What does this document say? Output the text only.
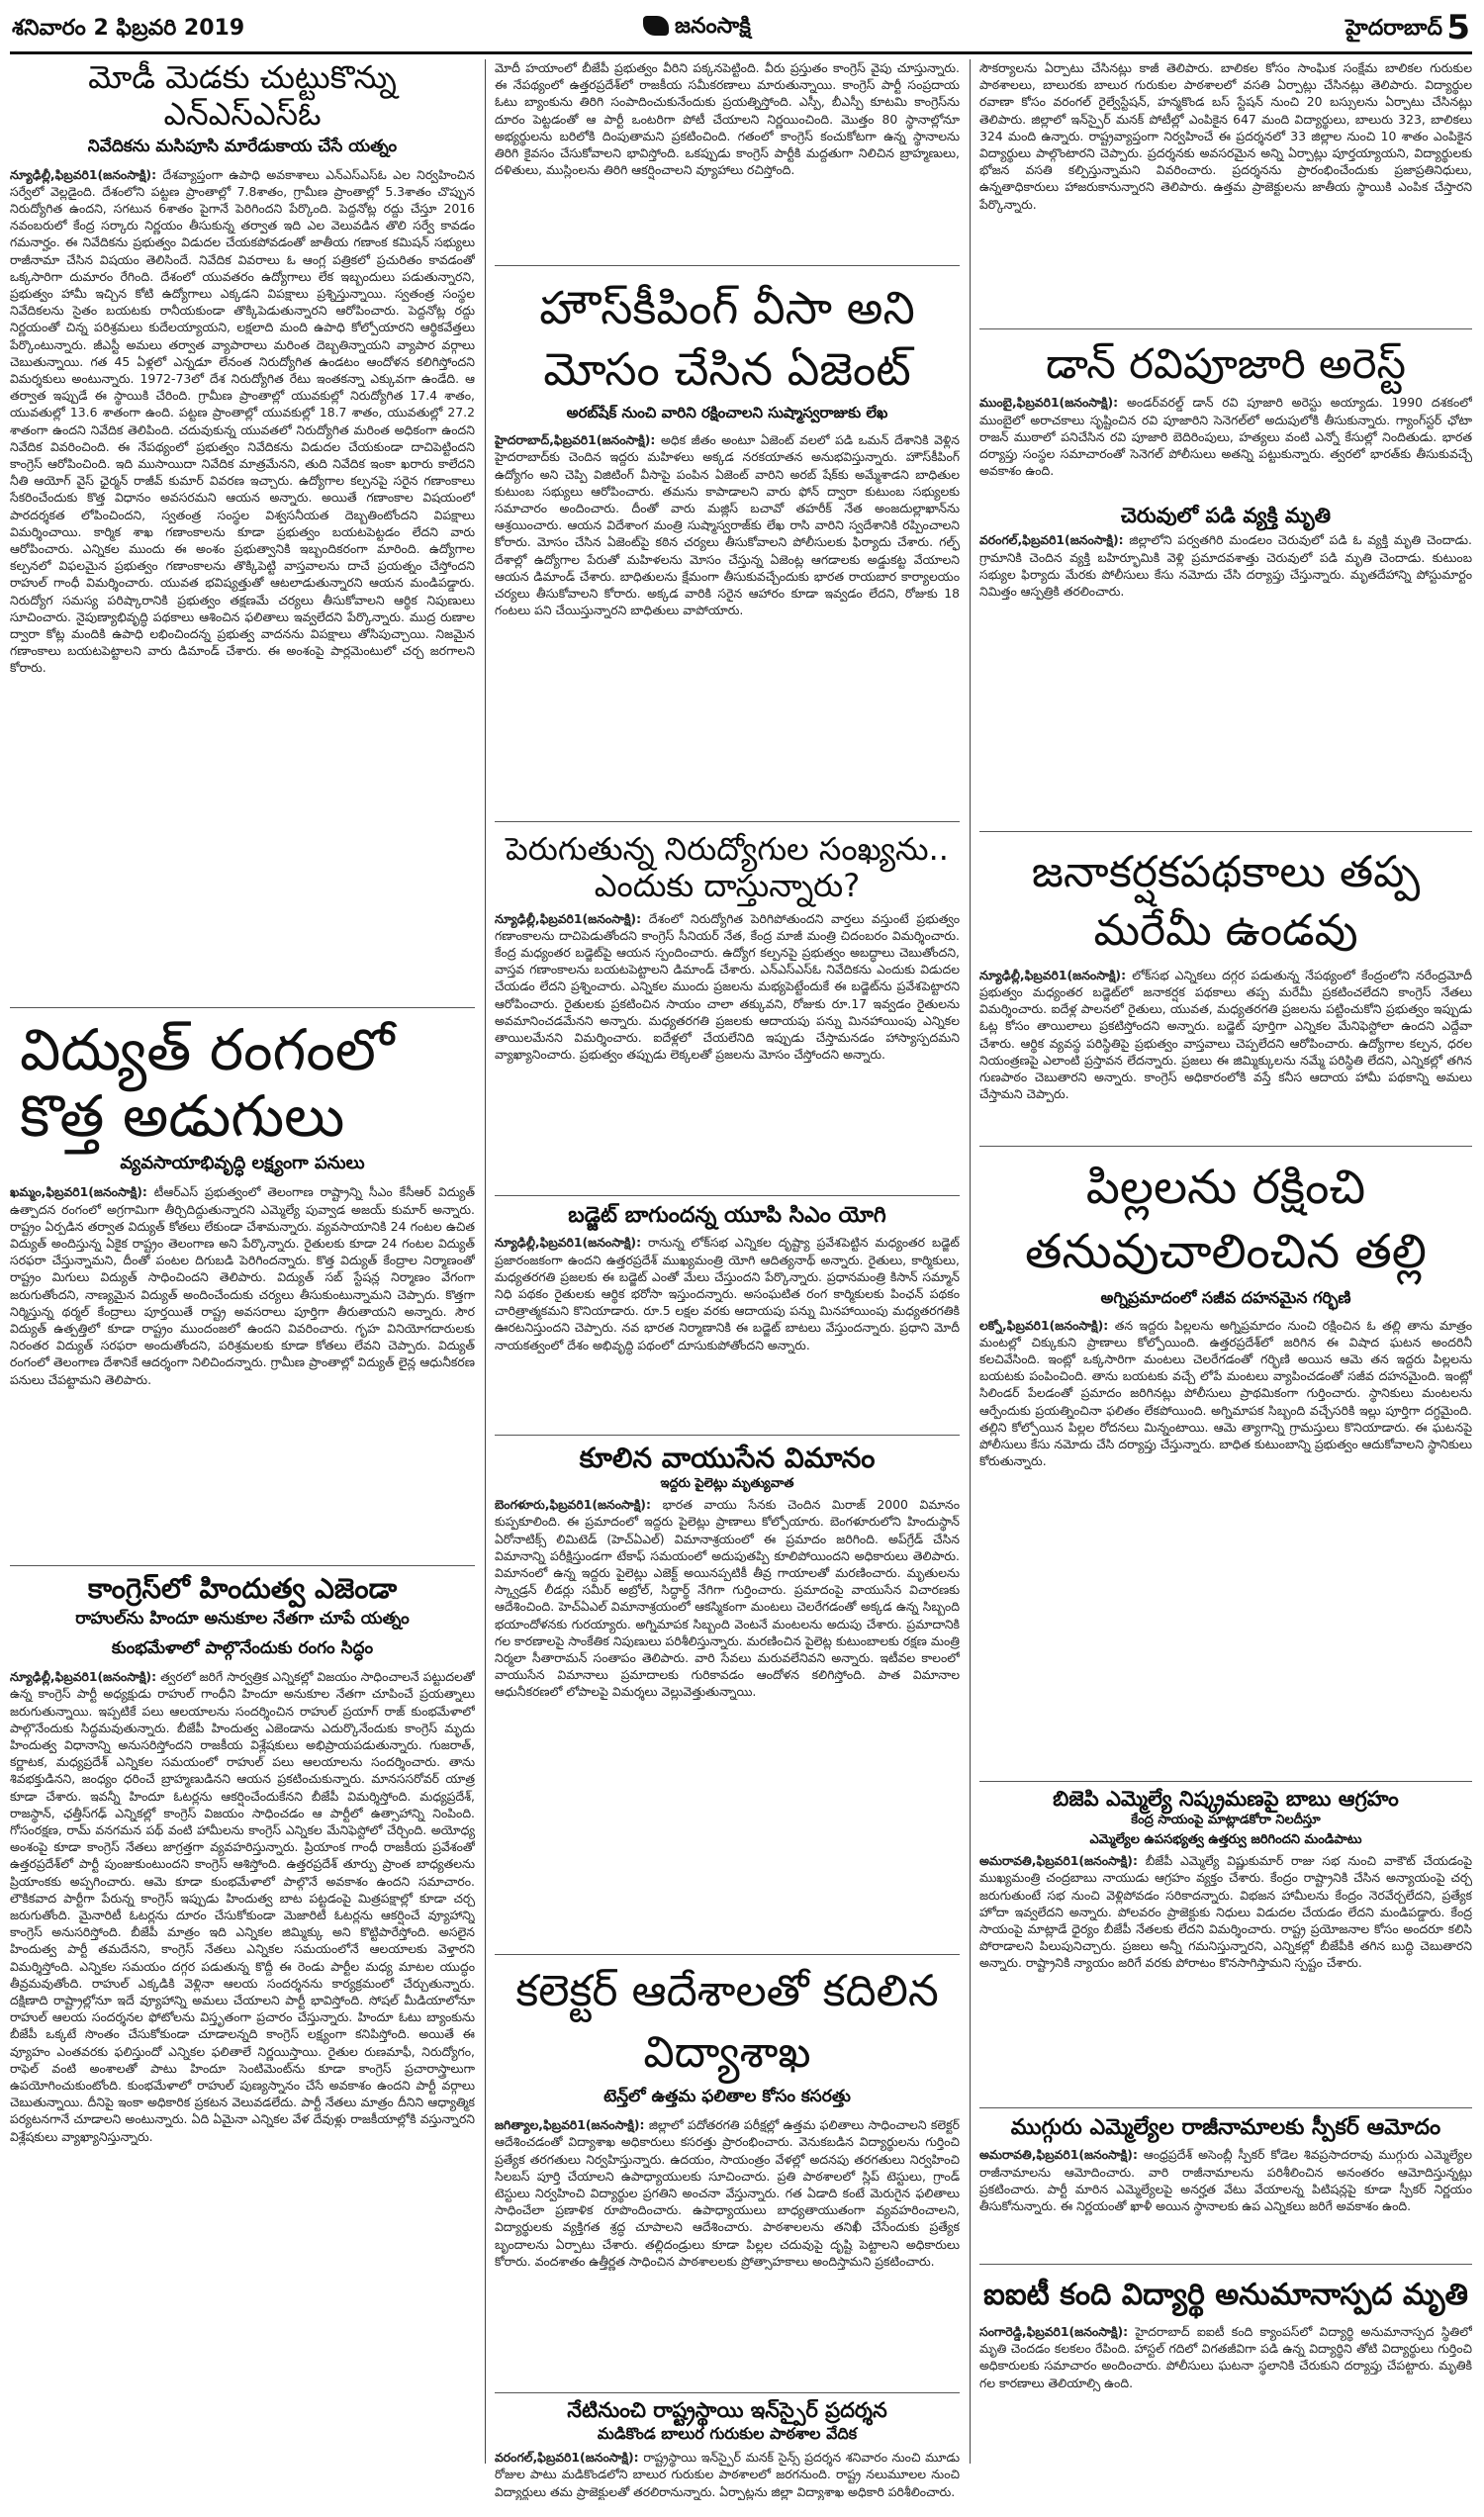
శనివారం 2 ఫిబ్రవరి 2019	జనంసాక్షి	హైదరాబాద్ 5
మోడీ మెడకు చుట్టుకొన్ను ఎన్ఎస్ఎస్ఓ
నివేదికను మసిపూసి మారేడుకాయ చేసే యత్నం

న్యూఢిల్లీ,ఫిబ్రవరి1(జనంసాక్షి): దేశవ్యాప్తంగా ఉపాధి అవకాశాలు ఎన్ఎస్ఎస్ఓ ఎల నిర్వహించిన సర్వేలో వెల్లడైంది. దేశంలోని పట్టణ ప్రాంతాల్లో 7.8శాతం, గ్రామీణ ప్రాంతాల్లో 5.3శాతం చొప్పున నిరుద్యోగిత ఉందని, సగటున 6శాతం పైగానే పెరిగిందని పేర్కొంది. పెద్దనోట్ల రద్దు చేస్తూ 2016 నవంబరులో కేంద్ర సర్కారు నిర్ణయం తీసుకున్న తర్వాత ఇది ఎల వెలువడిన తొలి సర్వే కావడం గమనార్హం. ఈ నివేదికను ప్రభుత్వం విడుదల చేయకపోవడంతో జాతీయ గణాంక కమిషన్ సభ్యులు రాజీనామా చేసిన విషయం తెలిసిందే. నివేదిక వివరాలు ఓ ఆంగ్ల పత్రికలో ప్రచురితం కావడంతో ఒక్కసారిగా దుమారం రేగింది. దేశంలో యువతరం ఉద్యోగాలు లేక ఇబ్బందులు పడుతున్నారని, ప్రభుత్వం హామీ ఇచ్చిన కోటి ఉద్యోగాలు ఎక్కడని విపక్షాలు ప్రశ్నిస్తున్నాయి. స్వతంత్ర సంస్థల నివేదికలను సైతం బయటకు రానీయకుండా తొక్కిపెడుతున్నారని ఆరోపించారు. పెద్దనోట్ల రద్దు నిర్ణయంతో చిన్న పరిశ్రమలు కుదేలయ్యాయని, లక్షలాది మంది ఉపాధి కోల్పోయారని ఆర్థికవేత్తలు పేర్కొంటున్నారు. జీఎస్టీ అమలు తర్వాత వ్యాపారాలు మరింత దెబ్బతిన్నాయని వ్యాపార వర్గాలు చెబుతున్నాయి. గత 45 ఏళ్లలో ఎన్నడూ లేనంత నిరుద్యోగిత ఉండటం ఆందోళన కలిగిస్తోందని విమర్శకులు అంటున్నారు. 1972-73లో దేశ నిరుద్యోగిత రేటు ఇంతకన్నా ఎక్కువగా ఉండేది. ఆ తర్వాత ఇప్పుడే ఈ స్థాయికి చేరింది. గ్రామీణ ప్రాంతాల్లో యువకుల్లో నిరుద్యోగిత 17.4 శాతం, యువతుల్లో 13.6 శాతంగా ఉంది. పట్టణ ప్రాంతాల్లో యువకుల్లో 18.7 శాతం, యువతుల్లో 27.2 శాతంగా ఉందని నివేదిక తెలిపింది. చదువుకున్న యువతలో నిరుద్యోగిత మరింత అధికంగా ఉందని నివేదిక వివరించింది. ఈ నేపథ్యంలో ప్రభుత్వం నివేదికను విడుదల చేయకుండా దాచిపెట్టిందని కాంగ్రెస్ ఆరోపించింది. ఇది ముసాయిదా నివేదిక మాత్రమేనని, తుది నివేదిక ఇంకా ఖరారు కాలేదని నీతి ఆయోగ్ వైస్ ఛైర్మన్ రాజీవ్ కుమార్ వివరణ ఇచ్చారు. ఉద్యోగాల కల్పనపై సరైన గణాంకాలు సేకరించేందుకు కొత్త విధానం అవసరమని ఆయన అన్నారు. అయితే గణాంకాల విషయంలో పారదర్శకత లోపించిందని, స్వతంత్ర సంస్థల విశ్వసనీయత దెబ్బతింటోందని విపక్షాలు విమర్శించాయి. కార్మిక శాఖ గణాంకాలను కూడా ప్రభుత్వం బయటపెట్టడం లేదని వారు ఆరోపించారు. ఎన్నికల ముందు ఈ అంశం ప్రభుత్వానికి ఇబ్బందికరంగా మారింది. ఉద్యోగాల కల్పనలో విఫలమైన ప్రభుత్వం గణాంకాలను తొక్కిపెట్టి వాస్తవాలను దాచే ప్రయత్నం చేస్తోందని రాహుల్ గాంధీ విమర్శించారు. యువత భవిష్యత్తుతో ఆటలాడుతున్నారని ఆయన మండిపడ్డారు. నిరుద్యోగ సమస్య పరిష్కారానికి ప్రభుత్వం తక్షణమే చర్యలు తీసుకోవాలని ఆర్థిక నిపుణులు సూచించారు. నైపుణ్యాభివృద్ధి పథకాలు ఆశించిన ఫలితాలు ఇవ్వలేదని పేర్కొన్నారు. ముద్ర రుణాల ద్వారా కోట్ల మందికి ఉపాధి లభించిందన్న ప్రభుత్వ వాదనను విపక్షాలు తోసిపుచ్చాయి. నిజమైన గణాంకాలు బయటపెట్టాలని వారు డిమాండ్ చేశారు. ఈ అంశంపై పార్లమెంటులో చర్చ జరగాలని కోరారు.

విద్యుత్ రంగంలో కొత్త అడుగులు
వ్యవసాయాభివృద్ధి లక్ష్యంగా పనులు

ఖమ్మం,ఫిబ్రవరి1(జనంసాక్షి): టీఆర్ఎస్ ప్రభుత్వంలో తెలంగాణ రాష్ట్రాన్ని సీఎం కేసీఆర్ విద్యుత్ ఉత్పాదన రంగంలో అగ్రగామిగా తీర్చిదిద్దుతున్నారని ఎమ్మెల్యే పువ్వాడ అజయ్ కుమార్ అన్నారు. రాష్ట్రం ఏర్పడిన తర్వాత విద్యుత్ కోతలు లేకుండా చేశామన్నారు. వ్యవసాయానికి 24 గంటల ఉచిత విద్యుత్ అందిస్తున్న ఏకైక రాష్ట్రం తెలంగాణ అని పేర్కొన్నారు. రైతులకు కూడా 24 గంటల విద్యుత్ సరఫరా చేస్తున్నామని, దీంతో పంటల దిగుబడి పెరిగిందన్నారు. కొత్త విద్యుత్ కేంద్రాల నిర్మాణంతో రాష్ట్రం మిగులు విద్యుత్ సాధించిందని తెలిపారు. విద్యుత్ సబ్ స్టేషన్ల నిర్మాణం వేగంగా జరుగుతోందని, నాణ్యమైన విద్యుత్ అందించేందుకు చర్యలు తీసుకుంటున్నామని చెప్పారు. కొత్తగా నిర్మిస్తున్న థర్మల్ కేంద్రాలు పూర్తయితే రాష్ట్ర అవసరాలు పూర్తిగా తీరుతాయని అన్నారు. సౌర విద్యుత్ ఉత్పత్తిలో కూడా రాష్ట్రం ముందంజలో ఉందని వివరించారు. గృహ వినియోగదారులకు నిరంతర విద్యుత్ సరఫరా అందుతోందని, పరిశ్రమలకు కూడా కోతలు లేవని చెప్పారు. విద్యుత్ రంగంలో తెలంగాణ దేశానికే ఆదర్శంగా నిలిచిందన్నారు. గ్రామీణ ప్రాంతాల్లో విద్యుత్ లైన్ల ఆధునీకరణ పనులు చేపట్టామని తెలిపారు.

కాంగ్రెస్‌లో హిందుత్వ ఎజెండా
రాహుల్‌ను హిందూ అనుకూల నేతగా చూపే యత్నం
కుంభమేళాలో పాల్గొనేందుకు రంగం సిద్ధం

న్యూఢిల్లీ,ఫిబ్రవరి1(జనంసాక్షి): త్వరలో జరిగే సార్వత్రిక ఎన్నికల్లో విజయం సాధించాలనే పట్టుదలతో ఉన్న కాంగ్రెస్ పార్టీ అధ్యక్షుడు రాహుల్ గాంధీని హిందూ అనుకూల నేతగా చూపించే ప్రయత్నాలు జరుగుతున్నాయి. ఇప్పటికే పలు ఆలయాలను సందర్శించిన రాహుల్ ప్రయాగ్ రాజ్ కుంభమేళాలో పాల్గొనేందుకు సిద్ధమవుతున్నారు. బీజేపీ హిందుత్వ ఎజెండాను ఎదుర్కొనేందుకు కాంగ్రెస్ మృదు హిందుత్వ విధానాన్ని అనుసరిస్తోందని రాజకీయ విశ్లేషకులు అభిప్రాయపడుతున్నారు. గుజరాత్, కర్ణాటక, మధ్యప్రదేశ్ ఎన్నికల సమయంలో రాహుల్ పలు ఆలయాలను సందర్శించారు. తాను శివభక్తుడినని, జంధ్యం ధరించే బ్రాహ్మణుడినని ఆయన ప్రకటించుకున్నారు. మానససరోవర్ యాత్ర కూడా చేశారు. ఇవన్నీ హిందూ ఓటర్లను ఆకర్షించేందుకేనని బీజేపీ విమర్శిస్తోంది. మధ్యప్రదేశ్, రాజస్థాన్, ఛత్తీస్‌గఢ్ ఎన్నికల్లో కాంగ్రెస్ విజయం సాధించడం ఆ పార్టీలో ఉత్సాహాన్ని నింపింది. గోసంరక్షణ, రామ్ వనగమన పథ్ వంటి హామీలను కాంగ్రెస్ ఎన్నికల మేనిఫెస్టోలో చేర్చింది. అయోధ్య అంశంపై కూడా కాంగ్రెస్ నేతలు జాగ్రత్తగా వ్యవహరిస్తున్నారు. ప్రియాంక గాంధీ రాజకీయ ప్రవేశంతో ఉత్తరప్రదేశ్‌లో పార్టీ పుంజుకుంటుందని కాంగ్రెస్ ఆశిస్తోంది. ఉత్తరప్రదేశ్ తూర్పు ప్రాంత బాధ్యతలను ప్రియాంకకు అప్పగించారు. ఆమె కూడా కుంభమేళాలో పాల్గొనే అవకాశం ఉందని సమాచారం. లౌకికవాద పార్టీగా పేరున్న కాంగ్రెస్ ఇప్పుడు హిందుత్వ బాట పట్టడంపై మిత్రపక్షాల్లో కూడా చర్చ జరుగుతోంది. మైనారిటీ ఓటర్లను దూరం చేసుకోకుండా మెజారిటీ ఓటర్లను ఆకర్షించే వ్యూహాన్ని కాంగ్రెస్ అనుసరిస్తోంది. బీజేపీ మాత్రం ఇది ఎన్నికల జిమ్మిక్కు అని కొట్టిపారేస్తోంది. అసలైన హిందుత్వ పార్టీ తమదేనని, కాంగ్రెస్ నేతలు ఎన్నికల సమయంలోనే ఆలయాలకు వెళ్తారని విమర్శిస్తోంది. ఎన్నికల సమయం దగ్గర పడుతున్న కొద్దీ ఈ రెండు పార్టీల మధ్య మాటల యుద్ధం తీవ్రమవుతోంది. రాహుల్ ఎక్కడికి వెళ్లినా ఆలయ సందర్శనను కార్యక్రమంలో చేర్చుతున్నారు. దక్షిణాది రాష్ట్రాల్లోనూ ఇదే వ్యూహాన్ని అమలు చేయాలని పార్టీ భావిస్తోంది. సోషల్ మీడియాలోనూ రాహుల్ ఆలయ సందర్శనల ఫోటోలను విస్తృతంగా ప్రచారం చేస్తున్నారు. హిందూ ఓటు బ్యాంకును బీజేపీ ఒక్కటే సొంతం చేసుకోకుండా చూడాలన్నది కాంగ్రెస్ లక్ష్యంగా కనిపిస్తోంది. అయితే ఈ వ్యూహం ఎంతవరకు ఫలిస్తుందో ఎన్నికల ఫలితాలే నిర్ణయిస్తాయి. రైతుల రుణమాఫీ, నిరుద్యోగం, రాఫెల్ వంటి అంశాలతో పాటు హిందూ సెంటిమెంట్‌ను కూడా కాంగ్రెస్ ప్రచారాస్త్రాలుగా ఉపయోగించుకుంటోంది. కుంభమేళాలో రాహుల్ పుణ్యస్నానం చేసే అవకాశం ఉందని పార్టీ వర్గాలు చెబుతున్నాయి. దీనిపై ఇంకా అధికారిక ప్రకటన వెలువడలేదు. పార్టీ నేతలు మాత్రం దీనిని ఆధ్యాత్మిక పర్యటనగానే చూడాలని అంటున్నారు. ఏది ఏమైనా ఎన్నికల వేళ దేవుళ్లు రాజకీయాల్లోకి వస్తున్నారని విశ్లేషకులు వ్యాఖ్యానిస్తున్నారు.

మోదీ హయాంలో బీజేపీ ప్రభుత్వం వీరిని పక్కనపెట్టింది. వీరు ప్రస్తుతం కాంగ్రెస్ వైపు చూస్తున్నారు. ఈ నేపథ్యంలో ఉత్తరప్రదేశ్‌లో రాజకీయ సమీకరణాలు మారుతున్నాయి. కాంగ్రెస్ పార్టీ సంప్రదాయ ఓటు బ్యాంకును తిరిగి సంపాదించుకునేందుకు ప్రయత్నిస్తోంది. ఎస్పీ, బీఎస్పీ కూటమి కాంగ్రెస్‌ను దూరం పెట్టడంతో ఆ పార్టీ ఒంటరిగా పోటీ చేయాలని నిర్ణయించింది. మొత్తం 80 స్థానాల్లోనూ అభ్యర్థులను బరిలోకి దింపుతామని ప్రకటించింది. గతంలో కాంగ్రెస్ కంచుకోటగా ఉన్న స్థానాలను తిరిగి కైవసం చేసుకోవాలని భావిస్తోంది. ఒకప్పుడు కాంగ్రెస్ పార్టీకి మద్దతుగా నిలిచిన బ్రాహ్మణులు, దళితులు, ముస్లింలను తిరిగి ఆకర్షించాలని వ్యూహాలు రచిస్తోంది.

హౌస్‌కీపింగ్ వీసా అని మోసం చేసిన ఏజెంట్
అరబ్‌షేక్ నుంచి వారిని రక్షించాలని సుష్మాస్వరాజుకు లేఖ

హైదరాబాద్,ఫిబ్రవరి1(జనంసాక్షి): అధిక జీతం అంటూ ఏజెంట్ వలలో పడి ఒమన్ దేశానికి వెళ్లిన హైదరాబాద్‌కు చెందిన ఇద్దరు మహిళలు అక్కడ నరకయాతన అనుభవిస్తున్నారు. హౌస్‌కీపింగ్ ఉద్యోగం అని చెప్పి విజిటింగ్ వీసాపై పంపిన ఏజెంట్ వారిని అరబ్ షేక్‌కు అమ్మేశాడని బాధితుల కుటుంబ సభ్యులు ఆరోపించారు. తమను కాపాడాలని వారు ఫోన్ ద్వారా కుటుంబ సభ్యులకు సమాచారం అందించారు. దీంతో వారు మజ్లిస్ బచావో తహరీక్ నేత అంజదుల్లాఖాన్‌ను ఆశ్రయించారు. ఆయన విదేశాంగ మంత్రి సుష్మాస్వరాజ్‌కు లేఖ రాసి వారిని స్వదేశానికి రప్పించాలని కోరారు. మోసం చేసిన ఏజెంట్‌పై కఠిన చర్యలు తీసుకోవాలని పోలీసులకు ఫిర్యాదు చేశారు. గల్ఫ్ దేశాల్లో ఉద్యోగాల పేరుతో మహిళలను మోసం చేస్తున్న ఏజెంట్ల ఆగడాలకు అడ్డుకట్ట వేయాలని ఆయన డిమాండ్ చేశారు. బాధితులను క్షేమంగా తీసుకువచ్చేందుకు భారత రాయబార కార్యాలయం చర్యలు తీసుకోవాలని కోరారు. అక్కడ వారికి సరైన ఆహారం కూడా ఇవ్వడం లేదని, రోజుకు 18 గంటలు పని చేయిస్తున్నారని బాధితులు వాపోయారు.

పెరుగుతున్న నిరుద్యోగుల సంఖ్యను..
ఎందుకు దాస్తున్నారు?

న్యూఢిల్లీ,ఫిబ్రవరి1(జనంసాక్షి): దేశంలో నిరుద్యోగిత పెరిగిపోతుందని వార్తలు వస్తుంటే ప్రభుత్వం గణాంకాలను దాచిపెడుతోందని కాంగ్రెస్ సీనియర్ నేత, కేంద్ర మాజీ మంత్రి చిదంబరం విమర్శించారు. కేంద్ర మధ్యంతర బడ్జెట్‌పై ఆయన స్పందించారు. ఉద్యోగ కల్పనపై ప్రభుత్వం అబద్ధాలు చెబుతోందని, వాస్తవ గణాంకాలను బయటపెట్టాలని డిమాండ్ చేశారు. ఎన్ఎస్ఎస్ఓ నివేదికను ఎందుకు విడుదల చేయడం లేదని ప్రశ్నించారు. ఎన్నికల ముందు ప్రజలను మభ్యపెట్టేందుకే ఈ బడ్జెట్‌ను ప్రవేశపెట్టారని ఆరోపించారు. రైతులకు ప్రకటించిన సాయం చాలా తక్కువని, రోజుకు రూ.17 ఇవ్వడం రైతులను అవమానించడమేనని అన్నారు. మధ్యతరగతి ప్రజలకు ఆదాయపు పన్ను మినహాయింపు ఎన్నికల తాయిలమేనని విమర్శించారు. ఐదేళ్లలో చేయలేనిది ఇప్పుడు చేస్తామనడం హాస్యాస్పదమని వ్యాఖ్యానించారు. ప్రభుత్వం తప్పుడు లెక్కలతో ప్రజలను మోసం చేస్తోందని అన్నారు.

బడ్జెట్ బాగుందన్న యూపి సిఎం యోగి

న్యూఢిల్లీ,ఫిబ్రవరి1(జనంసాక్షి): రానున్న లోక్‌సభ ఎన్నికల దృష్ట్యా ప్రవేశపెట్టిన మధ్యంతర బడ్జెట్ ప్రజారంజకంగా ఉందని ఉత్తరప్రదేశ్ ముఖ్యమంత్రి యోగి ఆదిత్యనాథ్ అన్నారు. రైతులు, కార్మికులు, మధ్యతరగతి ప్రజలకు ఈ బడ్జెట్ ఎంతో మేలు చేస్తుందని పేర్కొన్నారు. ప్రధానమంత్రి కిసాన్ సమ్మాన్ నిధి పథకం రైతులకు ఆర్థిక భరోసా ఇస్తుందన్నారు. అసంఘటిత రంగ కార్మికులకు పింఛన్ పథకం చారిత్రాత్మకమని కొనియాడారు. రూ.5 లక్షల వరకు ఆదాయపు పన్ను మినహాయింపు మధ్యతరగతికి ఊరటనిస్తుందని చెప్పారు. నవ భారత నిర్మాణానికి ఈ బడ్జెట్ బాటలు వేస్తుందన్నారు. ప్రధాని మోదీ నాయకత్వంలో దేశం అభివృద్ధి పథంలో దూసుకుపోతోందని అన్నారు.

కూలిన వాయుసేన విమానం
ఇద్దరు పైలెట్లు మృత్యువాత

బెంగళూరు,ఫిబ్రవరి1(జనంసాక్షి): భారత వాయు సేనకు చెందిన మిరాజ్ 2000 విమానం కుప్పకూలింది. ఈ ప్రమాదంలో ఇద్దరు పైలెట్లు ప్రాణాలు కోల్పోయారు. బెంగళూరులోని హిందుస్థాన్ ఏరోనాటిక్స్ లిమిటెడ్ (హెచ్ఏఎల్) విమానాశ్రయంలో ఈ ప్రమాదం జరిగింది. అప్‌గ్రేడ్ చేసిన విమానాన్ని పరీక్షిస్తుండగా టేకాఫ్ సమయంలో అదుపుతప్పి కూలిపోయిందని అధికారులు తెలిపారు. విమానంలో ఉన్న ఇద్దరు పైలెట్లు ఎజెక్ట్ అయినప్పటికీ తీవ్ర గాయాలతో మరణించారు. మృతులను స్క్వాడ్రన్ లీడర్లు సమీర్ అబ్రోల్, సిద్ధార్థ్ నేగిగా గుర్తించారు. ప్రమాదంపై వాయుసేన విచారణకు ఆదేశించింది. హెచ్ఏఎల్ విమానాశ్రయంలో ఆకస్మికంగా మంటలు చెలరేగడంతో అక్కడ ఉన్న సిబ్బంది భయాందోళనకు గురయ్యారు. అగ్నిమాపక సిబ్బంది వెంటనే మంటలను అదుపు చేశారు. ప్రమాదానికి గల కారణాలపై సాంకేతిక నిపుణులు పరిశీలిస్తున్నారు. మరణించిన పైలెట్ల కుటుంబాలకు రక్షణ మంత్రి నిర్మలా సీతారామన్ సంతాపం తెలిపారు. వారి సేవలు మరువలేనివని అన్నారు. ఇటీవల కాలంలో వాయుసేన విమానాలు ప్రమాదాలకు గురికావడం ఆందోళన కలిగిస్తోంది. పాత విమానాల ఆధునీకరణలో లోపాలపై విమర్శలు వెల్లువెత్తుతున్నాయి.

కలెక్టర్ ఆదేశాలతో కదిలిన విద్యాశాఖ
టెన్త్‌లో ఉత్తమ ఫలితాల కోసం కసరత్తు

జగిత్యాల,ఫిబ్రవరి1(జనంసాక్షి): జిల్లాలో పదోతరగతి పరీక్షల్లో ఉత్తమ ఫలితాలు సాధించాలని కలెక్టర్ ఆదేశించడంతో విద్యాశాఖ అధికారులు కసరత్తు ప్రారంభించారు. వెనుకబడిన విద్యార్థులను గుర్తించి ప్రత్యేక తరగతులు నిర్వహిస్తున్నారు. ఉదయం, సాయంత్రం వేళల్లో అదనపు తరగతులు నిర్వహించి సిలబస్ పూర్తి చేయాలని ఉపాధ్యాయులకు సూచించారు. ప్రతి పాఠశాలలో స్లిప్ టెస్టులు, గ్రాండ్ టెస్టులు నిర్వహించి విద్యార్థుల ప్రగతిని అంచనా వేస్తున్నారు. గత ఏడాది కంటే మెరుగైన ఫలితాలు సాధించేలా ప్రణాళిక రూపొందించారు. ఉపాధ్యాయులు బాధ్యతాయుతంగా వ్యవహరించాలని, విద్యార్థులకు వ్యక్తిగత శ్రద్ధ చూపాలని ఆదేశించారు. పాఠశాలలను తనిఖీ చేసేందుకు ప్రత్యేక బృందాలను ఏర్పాటు చేశారు. తల్లిదండ్రులు కూడా పిల్లల చదువుపై దృష్టి పెట్టాలని అధికారులు కోరారు. వందశాతం ఉత్తీర్ణత సాధించిన పాఠశాలలకు ప్రోత్సాహకాలు అందిస్తామని ప్రకటించారు.

నేటినుంచి రాష్ట్రస్థాయి ఇన్‌స్పైర్ ప్రదర్శన
మడికొండ బాలుర గురుకుల పాఠశాల వేదిక

వరంగల్,ఫిబ్రవరి1(జనంసాక్షి): రాష్ట్రస్థాయి ఇన్‌స్పైర్ మనక్ సైన్స్ ప్రదర్శన శనివారం నుంచి మూడు రోజుల పాటు మడికొండలోని బాలుర గురుకుల పాఠశాలలో జరగనుంది. రాష్ట్ర నలుమూలల నుంచి విద్యార్థులు తమ ప్రాజెక్టులతో తరలిరానున్నారు. ఏర్పాట్లను జిల్లా విద్యాశాఖ అధికారి పరిశీలించారు.

సౌకర్యాలను ఏర్పాటు చేసినట్లు కాజీ తెలిపారు. బాలికల కోసం సాంఘిక సంక్షేమ బాలికల గురుకుల పాఠశాలలు, బాలురకు బాలుర గురుకుల పాఠశాలలో వసతి ఏర్పాట్లు చేసినట్లు తెలిపారు. విద్యార్థుల రవాణా కోసం వరంగల్ రైల్వేస్టేషన్, హన్మకొండ బస్ స్టేషన్ నుంచి 20 బస్సులను ఏర్పాటు చేసినట్లు తెలిపారు. జిల్లాలో ఇన్‌స్పైర్ మనక్ పోటీల్లో ఎంపికైన 647 మంది విద్యార్థులు, బాలురు 323, బాలికలు 324 మంది ఉన్నారు. రాష్ట్రవ్యాప్తంగా నిర్వహించే ఈ ప్రదర్శనలో 33 జిల్లాల నుంచి 10 శాతం ఎంపికైన విద్యార్థులు పాల్గొంటారని చెప్పారు. ప్రదర్శనకు అవసరమైన అన్ని ఏర్పాట్లు పూర్తయ్యాయని, విద్యార్థులకు భోజన వసతి కల్పిస్తున్నామని వివరించారు. ప్రదర్శనను ప్రారంభించేందుకు ప్రజాప్రతినిధులు, ఉన్నతాధికారులు హాజరుకానున్నారని తెలిపారు. ఉత్తమ ప్రాజెక్టులను జాతీయ స్థాయికి ఎంపిక చేస్తారని పేర్కొన్నారు.

డాన్ రవిపూజారి అరెస్ట్

ముంబై,ఫిబ్రవరి1(జనంసాక్షి): అండర్‌వరల్డ్ డాన్ రవి పూజారి అరెస్టు అయ్యాడు. 1990 దశకంలో ముంబైలో అరాచకాలు సృష్టించిన రవి పూజారిని సెనెగల్‌లో అదుపులోకి తీసుకున్నారు. గ్యాంగ్‌స్టర్ ఛోటా రాజన్ ముఠాలో పనిచేసిన రవి పూజారి బెదిరింపులు, హత్యలు వంటి ఎన్నో కేసుల్లో నిందితుడు. భారత దర్యాప్తు సంస్థల సమాచారంతో సెనెగల్ పోలీసులు అతన్ని పట్టుకున్నారు. త్వరలో భారత్‌కు తీసుకువచ్చే అవకాశం ఉంది.

చెరువులో పడి వ్యక్తి మృతి

వరంగల్,ఫిబ్రవరి1(జనంసాక్షి): జిల్లాలోని పర్వతగిరి మండలం చెరువులో పడి ఓ వ్యక్తి మృతి చెందాడు. గ్రామానికి చెందిన వ్యక్తి బహిర్భూమికి వెళ్లి ప్రమాదవశాత్తు చెరువులో పడి మృతి చెందాడు. కుటుంబ సభ్యుల ఫిర్యాదు మేరకు పోలీసులు కేసు నమోదు చేసి దర్యాప్తు చేస్తున్నారు. మృతదేహాన్ని పోస్టుమార్టం నిమిత్తం ఆస్పత్రికి తరలించారు.

జనాకర్షకపథకాలు తప్ప మరేమీ ఉండవు

న్యూఢిల్లీ,ఫిబ్రవరి1(జనంసాక్షి): లోక్‌సభ ఎన్నికలు దగ్గర పడుతున్న నేపథ్యంలో కేంద్రంలోని నరేంద్రమోదీ ప్రభుత్వం మధ్యంతర బడ్జెట్‌లో జనాకర్షక పథకాలు తప్ప మరేమీ ప్రకటించలేదని కాంగ్రెస్ నేతలు విమర్శించారు. ఐదేళ్ల పాలనలో రైతులు, యువత, మధ్యతరగతి ప్రజలను పట్టించుకోని ప్రభుత్వం ఇప్పుడు ఓట్ల కోసం తాయిలాలు ప్రకటిస్తోందని అన్నారు. బడ్జెట్ పూర్తిగా ఎన్నికల మేనిఫెస్టోలా ఉందని ఎద్దేవా చేశారు. ఆర్థిక వ్యవస్థ పరిస్థితిపై ప్రభుత్వం వాస్తవాలు చెప్పలేదని ఆరోపించారు. ఉద్యోగాల కల్పన, ధరల నియంత్రణపై ఎలాంటి ప్రస్తావన లేదన్నారు. ప్రజలు ఈ జిమ్మిక్కులను నమ్మే పరిస్థితి లేదని, ఎన్నికల్లో తగిన గుణపాఠం చెబుతారని అన్నారు. కాంగ్రెస్ అధికారంలోకి వస్తే కనీస ఆదాయ హామీ పథకాన్ని అమలు చేస్తామని చెప్పారు.

పిల్లలను రక్షించి తనువుచాలించిన తల్లి
అగ్నిప్రమాదంలో సజీవ దహనమైన గర్భిణి

లక్నో,ఫిబ్రవరి1(జనంసాక్షి): తన ఇద్దరు పిల్లలను అగ్నిప్రమాదం నుంచి రక్షించిన ఓ తల్లి తాను మాత్రం మంటల్లో చిక్కుకుని ప్రాణాలు కోల్పోయింది. ఉత్తరప్రదేశ్‌లో జరిగిన ఈ విషాద ఘటన అందరినీ కలచివేసింది. ఇంట్లో ఒక్కసారిగా మంటలు చెలరేగడంతో గర్భిణి అయిన ఆమె తన ఇద్దరు పిల్లలను బయటకు పంపించింది. తాను బయటకు వచ్చే లోపే మంటలు వ్యాపించడంతో సజీవ దహనమైంది. ఇంట్లో సిలిండర్ పేలడంతో ప్రమాదం జరిగినట్లు పోలీసులు ప్రాథమికంగా గుర్తించారు. స్థానికులు మంటలను ఆర్పేందుకు ప్రయత్నించినా ఫలితం లేకపోయింది. అగ్నిమాపక సిబ్బంది వచ్చేసరికి ఇల్లు పూర్తిగా దగ్ధమైంది. తల్లిని కోల్పోయిన పిల్లల రోదనలు మిన్నంటాయి. ఆమె త్యాగాన్ని గ్రామస్తులు కొనియాడారు. ఈ ఘటనపై పోలీసులు కేసు నమోదు చేసి దర్యాప్తు చేస్తున్నారు. బాధిత కుటుంబాన్ని ప్రభుత్వం ఆదుకోవాలని స్థానికులు కోరుతున్నారు.

బిజెపి ఎమ్మెల్యే నిష్క్రమణపై బాబు ఆగ్రహం
కేంద్ర సాయంపై మాట్లాడకోరా నిలదీస్తూ
ఎమ్మెల్యేల ఉపసభ్యత్వ ఉత్తర్వు జరిగిందని మండిపాటు

అమరావతి,ఫిబ్రవరి1(జనంసాక్షి): బీజేపీ ఎమ్మెల్యే విష్ణుకుమార్ రాజు సభ నుంచి వాకౌట్ చేయడంపై ముఖ్యమంత్రి చంద్రబాబు నాయుడు ఆగ్రహం వ్యక్తం చేశారు. కేంద్రం రాష్ట్రానికి చేసిన అన్యాయంపై చర్చ జరుగుతుంటే సభ నుంచి వెళ్లిపోవడం సరికాదన్నారు. విభజన హామీలను కేంద్రం నెరవేర్చలేదని, ప్రత్యేక హోదా ఇవ్వలేదని అన్నారు. పోలవరం ప్రాజెక్టుకు నిధులు విడుదల చేయడం లేదని మండిపడ్డారు. కేంద్ర సాయంపై మాట్లాడే ధైర్యం బీజేపీ నేతలకు లేదని విమర్శించారు. రాష్ట్ర ప్రయోజనాల కోసం అందరూ కలిసి పోరాడాలని పిలుపునిచ్చారు. ప్రజలు అన్నీ గమనిస్తున్నారని, ఎన్నికల్లో బీజేపీకి తగిన బుద్ధి చెబుతారని అన్నారు. రాష్ట్రానికి న్యాయం జరిగే వరకు పోరాటం కొనసాగిస్తామని స్పష్టం చేశారు.

ముగ్గురు ఎమ్మెల్యేల రాజీనామాలకు స్పీకర్ ఆమోదం

అమరావతి,ఫిబ్రవరి1(జనంసాక్షి): ఆంధ్రప్రదేశ్ అసెంబ్లీ స్పీకర్ కోడెల శివప్రసాదరావు ముగ్గురు ఎమ్మెల్యేల రాజీనామాలను ఆమోదించారు. వారి రాజీనామాలను పరిశీలించిన అనంతరం ఆమోదిస్తున్నట్లు ప్రకటించారు. పార్టీ మారిన ఎమ్మెల్యేలపై అనర్హత వేటు వేయాలన్న పిటిషన్లపై కూడా స్పీకర్ నిర్ణయం తీసుకోనున్నారు. ఈ నిర్ణయంతో ఖాళీ అయిన స్థానాలకు ఉప ఎన్నికలు జరిగే అవకాశం ఉంది.

ఐఐటీ కంది విద్యార్థి అనుమానాస్పద మృతి

సంగారెడ్డి,ఫిబ్రవరి1(జనంసాక్షి): హైదరాబాద్ ఐఐటీ కంది క్యాంపస్‌లో విద్యార్థి అనుమానాస్పద స్థితిలో మృతి చెందడం కలకలం రేపింది. హాస్టల్ గదిలో విగతజీవిగా పడి ఉన్న విద్యార్థిని తోటి విద్యార్థులు గుర్తించి అధికారులకు సమాచారం అందించారు. పోలీసులు ఘటనా స్థలానికి చేరుకుని దర్యాప్తు చేపట్టారు. మృతికి గల కారణాలు తెలియాల్సి ఉంది.
